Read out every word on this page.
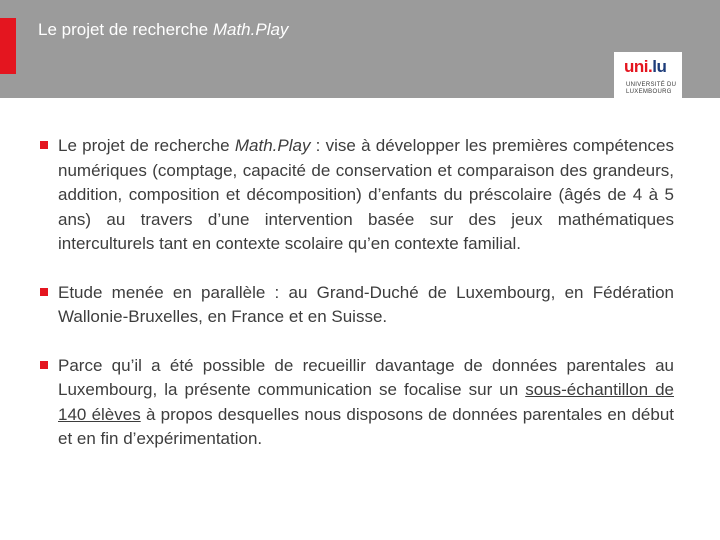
Le projet de recherche Math.Play
uni.lu
UNIVERSITÉ DU
LUXEMBOURG
Le projet de recherche Math.Play : vise à développer les premières compétences numériques (comptage, capacité de conservation et comparaison des grandeurs, addition, composition et décomposition) d’enfants du préscolaire (âgés de 4 à 5 ans) au travers d’une intervention basée sur des jeux mathématiques interculturels tant en contexte scolaire qu’en contexte familial.
Etude menée en parallèle : au Grand-Duché de Luxembourg, en Fédération Wallonie-Bruxelles, en France et en Suisse.
Parce qu’il a été possible de recueillir davantage de données parentales au Luxembourg, la présente communication se focalise sur un sous-échantillon de 140 élèves à propos desquelles nous disposons de données parentales en début et en fin d’expérimentation.
